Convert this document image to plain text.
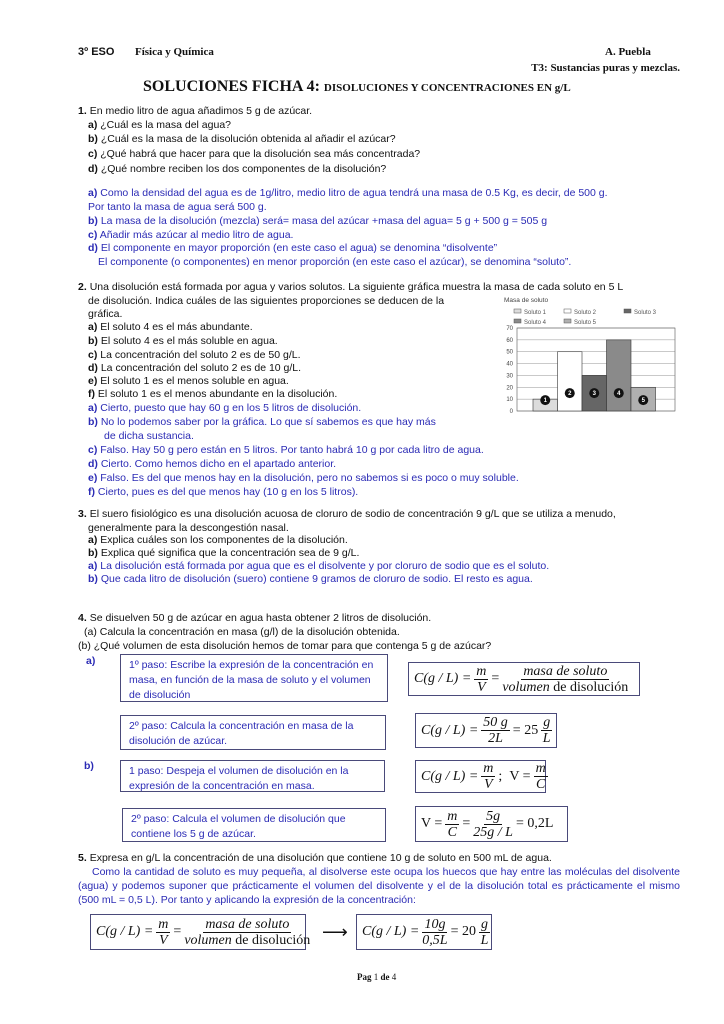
3º ESO Física y Química	A. Puebla
T3: Sustancias puras y mezclas.
SOLUCIONES FICHA 4: DISOLUCIONES Y CONCENTRACIONES EN g/L
1. En medio litro de agua añadimos 5 g de azúcar.
a) ¿Cuál es la masa del agua?
b) ¿Cuál es la masa de la disolución obtenida al añadir el azúcar?
c) ¿Qué habrá que hacer para que la disolución sea más concentrada?
d) ¿Qué nombre reciben los dos componentes de la disolución?
a) Como la densidad del agua es de 1g/litro, medio litro de agua tendrá una masa de 0.5 Kg, es decir, de 500 g.
Por tanto la masa de agua será 500 g.
b) La masa de la disolución (mezcla) será= masa del azúcar +masa del agua= 5 g + 500 g = 505 g
c) Añadir más azúcar al medio litro de agua.
d) El componente en mayor proporción (en este caso el agua) se denomina “disolvente”
El componente (o componentes) en menor proporción (en este caso el azúcar), se denomina “soluto”.
2. Una disolución está formada por agua y varios solutos. La siguiente gráfica muestra la masa de cada soluto en 5 L
de disolución. Indica cuáles de las siguientes proporciones se deducen de la
gráfica.
a) El soluto 4 es el más abundante.
b) El soluto 4 es el más soluble en agua.
c) La concentración del soluto 2 es de 50 g/L.
d) La concentración del soluto 2 es de 10 g/L.
e) El soluto 1 es el menos soluble en agua.
f) El soluto 1 es el menos abundante en la disolución.
a) Cierto, puesto que hay 60 g en los 5 litros de disolución.
b) No lo podemos saber por la gráfica. Lo que sí sabemos es que hay más
de dicha sustancia.
c) Falso. Hay 50 g pero están en 5 litros. Por tanto habrá 10 g por cada litro de agua.
d) Cierto. Como hemos dicho en el apartado anterior.
e) Falso. Es del que menos hay en la disolución, pero no sabemos si es poco o muy soluble.
f) Cierto, pues es del que menos hay (10 g en los 5 litros).
3. El suero fisiológico es una disolución acuosa de cloruro de sodio de concentración 9 g/L que se utiliza a menudo,
generalmente para la descongestión nasal.
a) Explica cuáles son los componentes de la disolución.
b) Explica qué significa que la concentración sea de 9 g/L.
a) La disolución está formada por agua que es el disolvente y por cloruro de sodio que es el soluto.
b) Que cada litro de disolución (suero) contiene 9 gramos de cloruro de sodio. El resto es agua.
Masa de soluto
Soluto 1	Soluto 2	Soluto 3
Soluto 4	Soluto 5
0
10
20
30
40
50
60
70
1
2	3	4
5
4. Se disuelven 50 g de azúcar en agua hasta obtener 2 litros de disolución.
(a) Calcula la concentración en masa (g/l) de la disolución obtenida.
(b) ¿Qué volumen de esta disolución hemos de tomar para que contenga 5 g de azúcar?
a)
b)
1º paso: Escribe la expresión de la concentración en masa, en función de la masa de soluto y el volumen de disolución
2º paso: Calcula la concentración en masa de la disolución de azúcar.
1 paso: Despeja el volumen de disolución en la expresión de la concentración en masa.
2º paso: Calcula el volumen de disolución que contiene los 5 g de azúcar.
$C(g / L) = \frac{m}{V} = \frac{\text{masa de soluto}}{\text{volumen de disolución}}$
$C(g / L) = \frac{50 g}{2L} = 25 \frac{g}{L}$
$C(g / L) = \frac{m}{V}$ ;
$V = \frac{m}{C}$
$V = \frac{m}{C} = \frac{5g}{25g / L} = 0,2L$
5. Expresa en g/L la concentración de una disolución que contiene 10 g de soluto en 500 mL de agua.
Como la cantidad de soluto es muy pequeña, al disolverse este ocupa los huecos que hay entre las moléculas del disolvente (agua) y podemos suponer que prácticamente el volumen del disolvente y el de la disolución total es prácticamente el mismo (500 mL = 0,5 L). Por tanto y aplicando la expresión de la concentración:
$C(g / L) = \frac{m}{V} = \frac{\text{masa de soluto}}{\text{volumen de disolución}}$ ⟶ $C(g / L) = \frac{10g}{0,5L} = 20 \frac{g}{L}$
Pag 1 de 4
